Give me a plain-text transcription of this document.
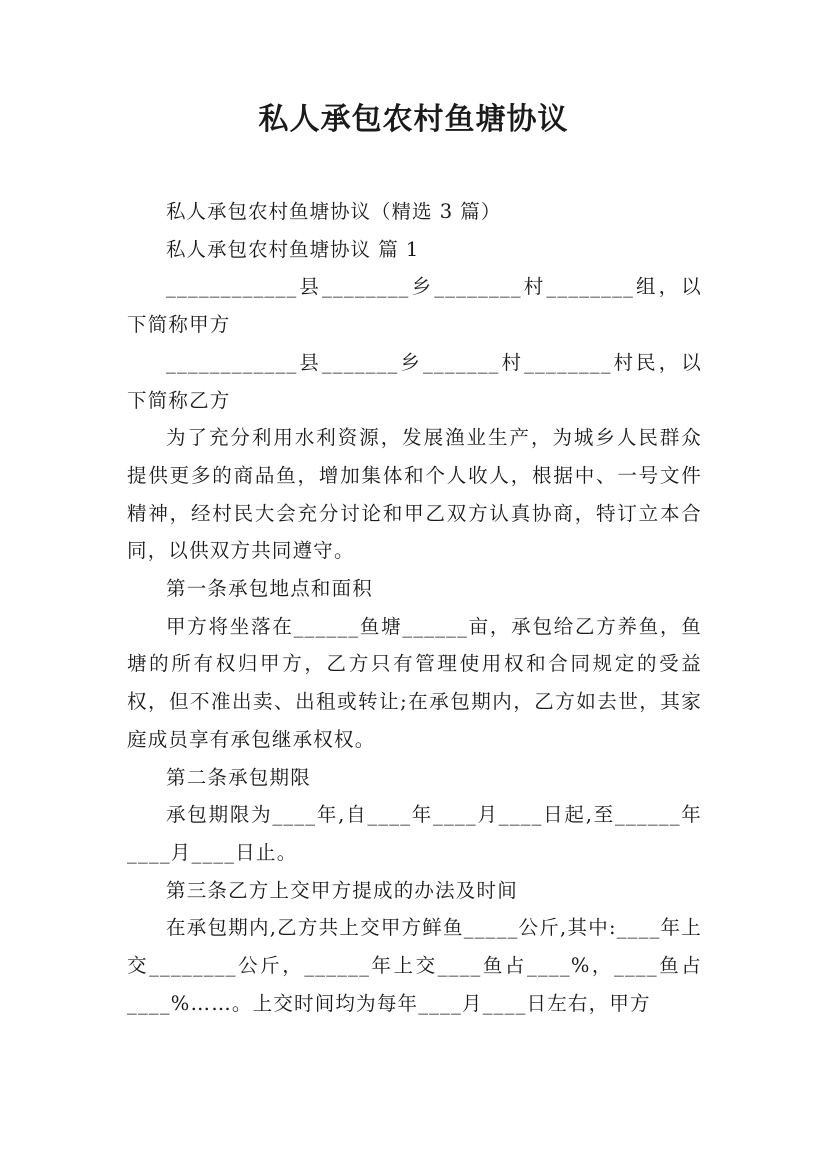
私人承包农村鱼塘协议

私人承包农村鱼塘协议（精选 3 篇）

私人承包农村鱼塘协议 篇 1

____________县________乡________村________组，以下简称甲方

____________县_______乡_______村________村民，以下简称乙方

为了充分利用水利资源，发展渔业生产，为城乡人民群众提供更多的商品鱼，增加集体和个人收人，根据中、一号文件精神，经村民大会充分讨论和甲乙双方认真协商，特订立本合同，以供双方共同遵守。

第一条承包地点和面积

甲方将坐落在______鱼塘______亩，承包给乙方养鱼，鱼塘的所有权归甲方，乙方只有管理使用权和合同规定的受益权，但不准出卖、出租或转让;在承包期内，乙方如去世，其家庭成员享有承包继承权权。

第二条承包期限

承包期限为____年,自____年____月____日起,至______年____月____日止。

第三条乙方上交甲方提成的办法及时间

在承包期内,乙方共上交甲方鲜鱼_____公斤,其中:____年上交________公斤，______年上交____鱼占____%，____鱼占____%……。上交时间均为每年____月____日左右，甲方
